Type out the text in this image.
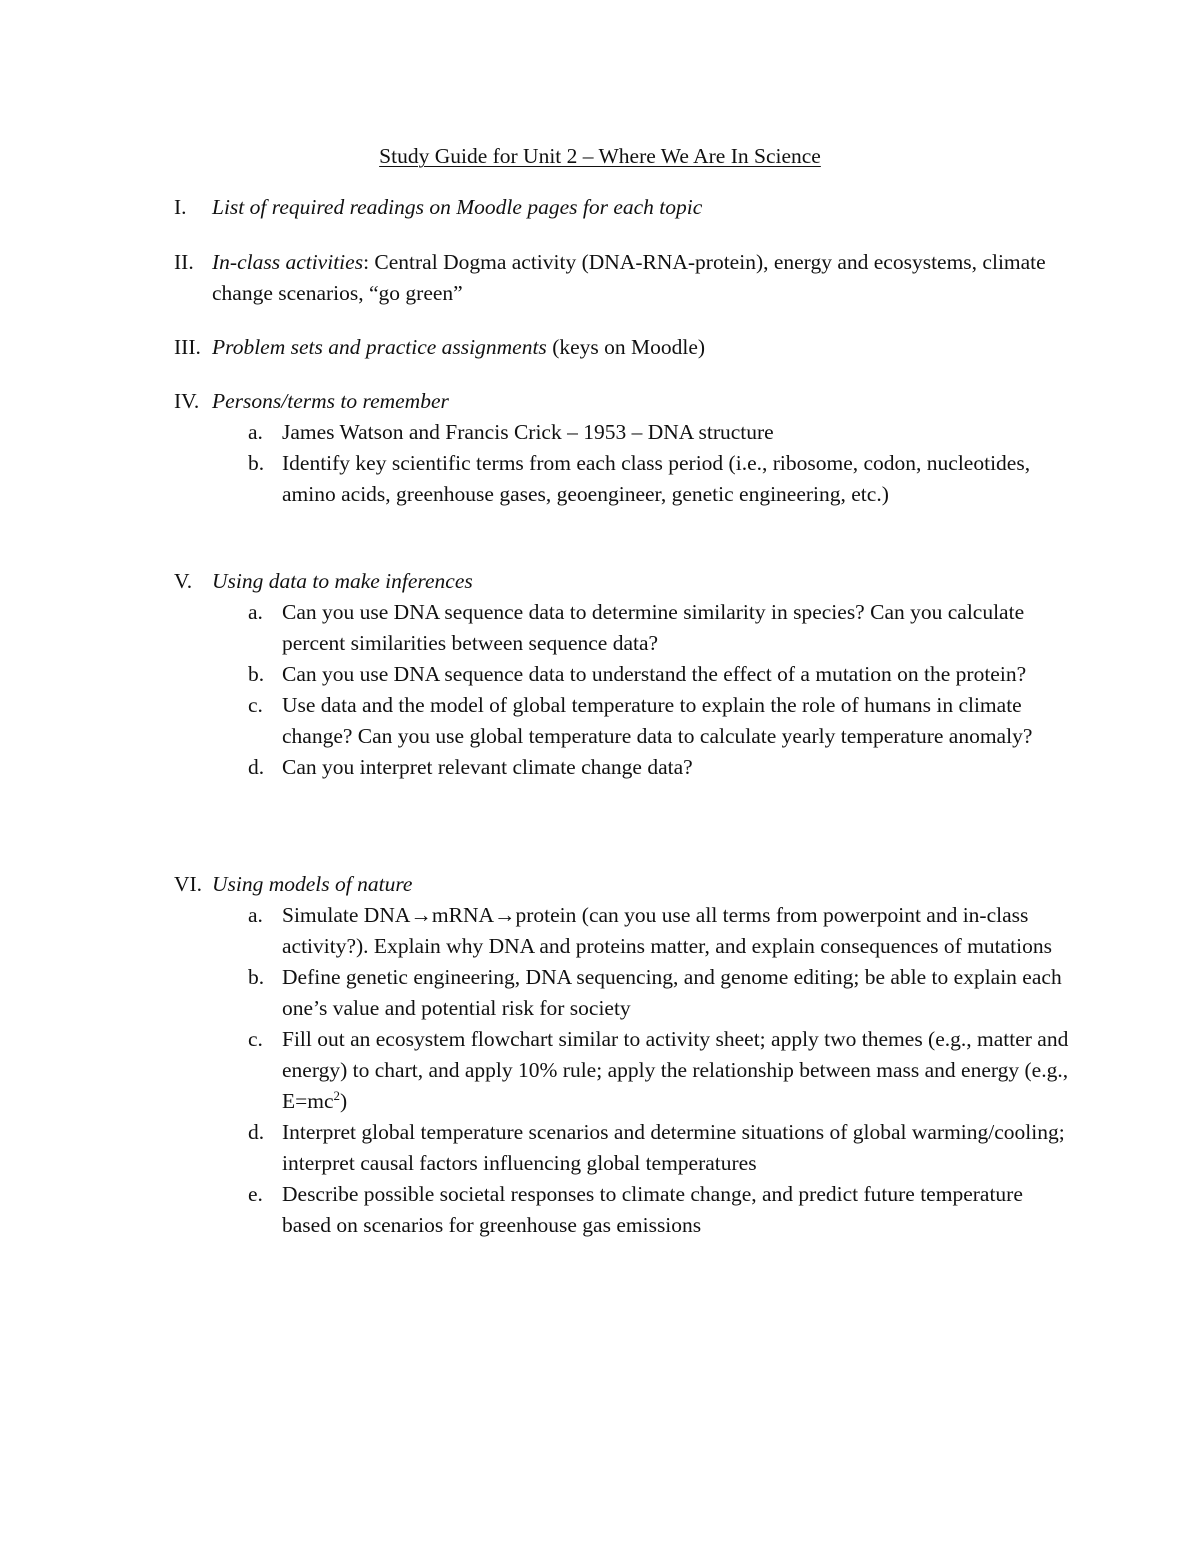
Study Guide for Unit 2 – Where We Are In Science
I. List of required readings on Moodle pages for each topic
II. In-class activities: Central Dogma activity (DNA-RNA-protein), energy and ecosystems, climate change scenarios, “go green”
III. Problem sets and practice assignments (keys on Moodle)
IV. Persons/terms to remember
a. James Watson and Francis Crick – 1953 – DNA structure
b. Identify key scientific terms from each class period (i.e., ribosome, codon, nucleotides, amino acids, greenhouse gases, geoengineer, genetic engineering, etc.)
V. Using data to make inferences
a. Can you use DNA sequence data to determine similarity in species? Can you calculate percent similarities between sequence data?
b. Can you use DNA sequence data to understand the effect of a mutation on the protein?
c. Use data and the model of global temperature to explain the role of humans in climate change? Can you use global temperature data to calculate yearly temperature anomaly?
d. Can you interpret relevant climate change data?
VI. Using models of nature
a. Simulate DNA→mRNA→protein (can you use all terms from powerpoint and in-class activity?). Explain why DNA and proteins matter, and explain consequences of mutations
b. Define genetic engineering, DNA sequencing, and genome editing; be able to explain each one’s value and potential risk for society
c. Fill out an ecosystem flowchart similar to activity sheet; apply two themes (e.g., matter and energy) to chart, and apply 10% rule; apply the relationship between mass and energy (e.g., $E=mc^2$)
d. Interpret global temperature scenarios and determine situations of global warming/cooling; interpret causal factors influencing global temperatures
e. Describe possible societal responses to climate change, and predict future temperature based on scenarios for greenhouse gas emissions
